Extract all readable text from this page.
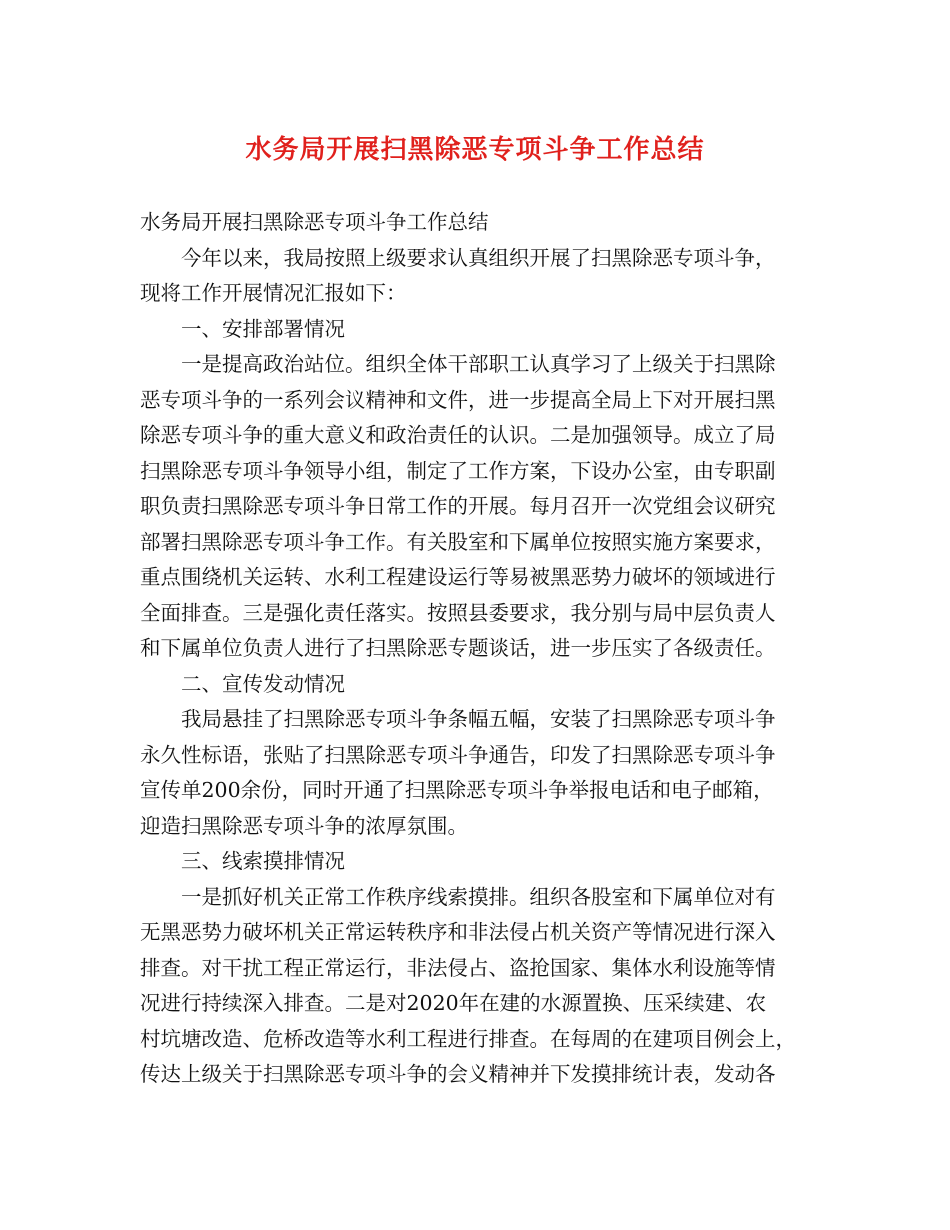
水务局开展扫黑除恶专项斗争工作总结
水务局开展扫黑除恶专项斗争工作总结
今年以来，我局按照上级要求认真组织开展了扫黑除恶专项斗争，
现将工作开展情况汇报如下：
一、安排部署情况
一是提高政治站位。组织全体干部职工认真学习了上级关于扫黑除
恶专项斗争的一系列会议精神和文件，进一步提高全局上下对开展扫黑
除恶专项斗争的重大意义和政治责任的认识。二是加强领导。成立了局
扫黑除恶专项斗争领导小组，制定了工作方案，下设办公室，由专职副
职负责扫黑除恶专项斗争日常工作的开展。每月召开一次党组会议研究
部署扫黑除恶专项斗争工作。有关股室和下属单位按照实施方案要求，
重点围绕机关运转、水利工程建设运行等易被黑恶势力破坏的领域进行
全面排查。三是强化责任落实。按照县委要求，我分别与局中层负责人
和下属单位负责人进行了扫黑除恶专题谈话，进一步压实了各级责任。
二、宣传发动情况
我局悬挂了扫黑除恶专项斗争条幅五幅，安装了扫黑除恶专项斗争
永久性标语，张贴了扫黑除恶专项斗争通告，印发了扫黑除恶专项斗争
宣传单200余份，同时开通了扫黑除恶专项斗争举报电话和电子邮箱，
迎造扫黑除恶专项斗争的浓厚氛围。
三、线索摸排情况
一是抓好机关正常工作秩序线索摸排。组织各股室和下属单位对有
无黑恶势力破坏机关正常运转秩序和非法侵占机关资产等情况进行深入
排查。对干扰工程正常运行，非法侵占、盗抢国家、集体水利设施等情
况进行持续深入排查。二是对2020年在建的水源置换、压采续建、农
村坑塘改造、危桥改造等水利工程进行排查。在每周的在建项目例会上，
传达上级关于扫黑除恶专项斗争的会义精神并下发摸排统计表，发动各
